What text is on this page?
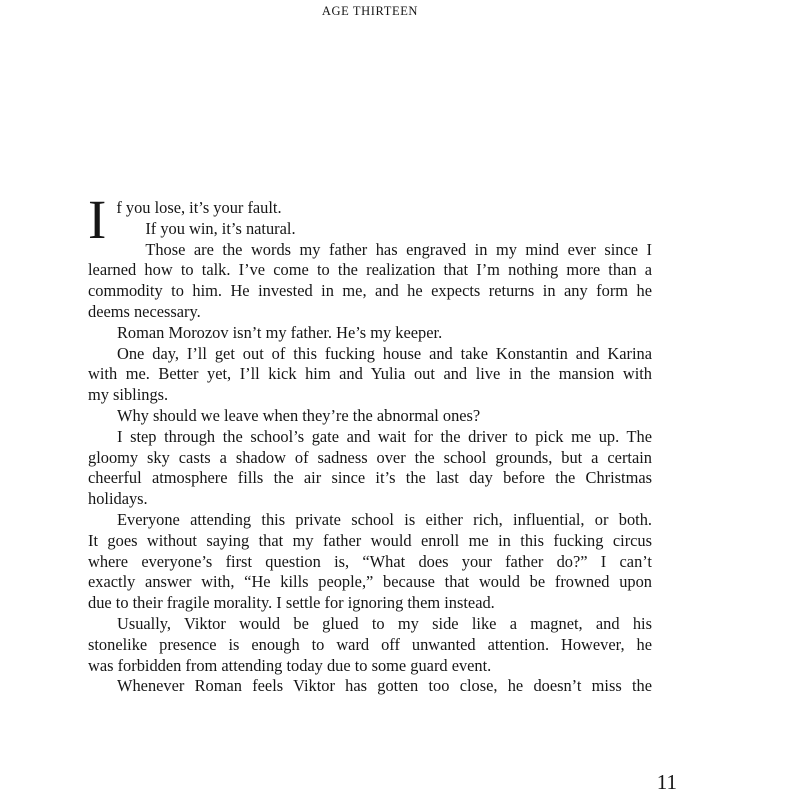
AGE THIRTEEN
If you lose, it’s your fault.
If you win, it’s natural.
Those are the words my father has engraved in my mind ever since I
learned how to talk. I’ve come to the realization that I’m nothing more than a
commodity to him. He invested in me, and he expects returns in any form he
deems necessary.
Roman Morozov isn’t my father. He’s my keeper.
One day, I’ll get out of this fucking house and take Konstantin and Karina
with me. Better yet, I’ll kick him and Yulia out and live in the mansion with
my siblings.
Why should we leave when they’re the abnormal ones?
I step through the school’s gate and wait for the driver to pick me up. The
gloomy sky casts a shadow of sadness over the school grounds, but a certain
cheerful atmosphere fills the air since it’s the last day before the Christmas
holidays.
Everyone attending this private school is either rich, influential, or both.
It goes without saying that my father would enroll me in this fucking circus
where everyone’s first question is, “What does your father do?” I can’t
exactly answer with, “He kills people,” because that would be frowned upon
due to their fragile morality. I settle for ignoring them instead.
Usually, Viktor would be glued to my side like a magnet, and his
stonelike presence is enough to ward off unwanted attention. However, he
was forbidden from attending today due to some guard event.
Whenever Roman feels Viktor has gotten too close, he doesn’t miss the
11
